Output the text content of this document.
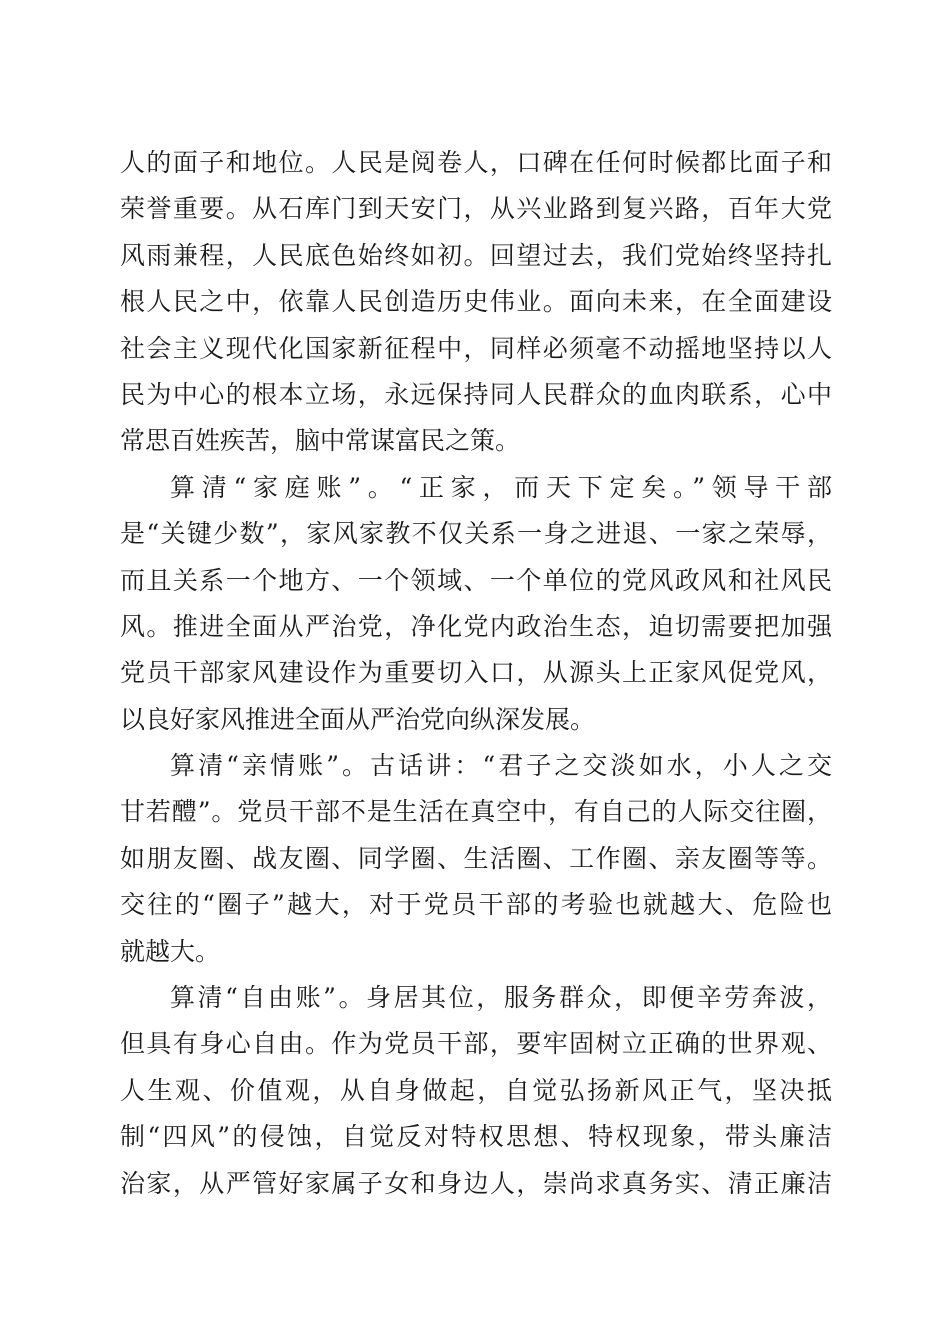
人的面子和地位。人民是阅卷人，口碑在任何时候都比面子和
荣誉重要。从石库门到天安门，从兴业路到复兴路，百年大党
风雨兼程，人民底色始终如初。回望过去，我们党始终坚持扎
根人民之中，依靠人民创造历史伟业。面向未来，在全面建设
社会主义现代化国家新征程中，同样必须毫不动摇地坚持以人
民为中心的根本立场，永远保持同人民群众的血肉联系，心中
常思百姓疾苦，脑中常谋富民之策。
算清“家庭账”。“正家，而天下定矣。”领导干部
是“关键少数”，家风家教不仅关系一身之进退、一家之荣辱，
而且关系一个地方、一个领域、一个单位的党风政风和社风民
风。推进全面从严治党，净化党内政治生态，迫切需要把加强
党员干部家风建设作为重要切入口，从源头上正家风促党风，
以良好家风推进全面从严治党向纵深发展。
算清“亲情账”。古话讲：“君子之交淡如水，小人之交
甘若醴”。党员干部不是生活在真空中，有自己的人际交往圈，
如朋友圈、战友圈、同学圈、生活圈、工作圈、亲友圈等等。
交往的“圈子”越大，对于党员干部的考验也就越大、危险也
就越大。
算清“自由账”。身居其位，服务群众，即便辛劳奔波，
但具有身心自由。作为党员干部，要牢固树立正确的世界观、
人生观、价值观，从自身做起，自觉弘扬新风正气，坚决抵
制“四风”的侵蚀，自觉反对特权思想、特权现象，带头廉洁
治家，从严管好家属子女和身边人，崇尚求真务实、清正廉洁
